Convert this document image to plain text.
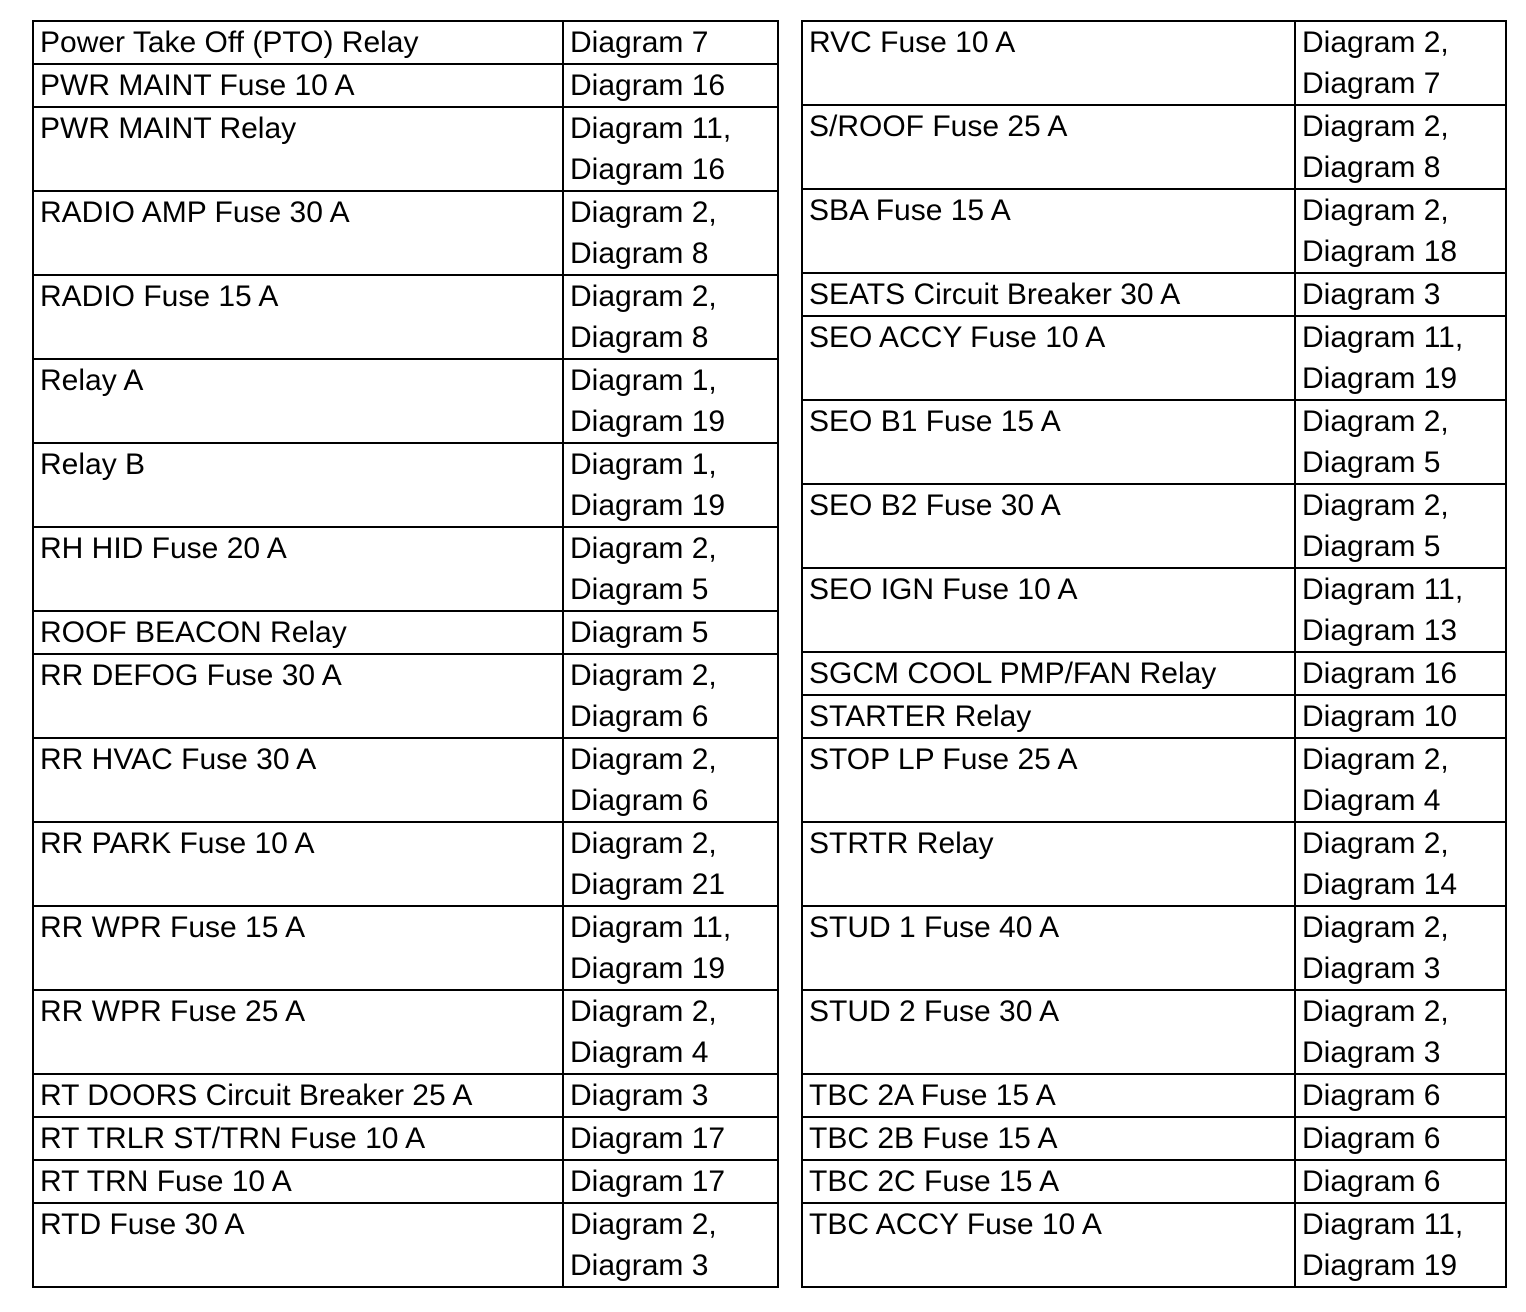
Power Take Off (PTO) Relay	Diagram 7

PWR MAINT Fuse 10 A	Diagram 16

PWR MAINT Relay	Diagram 11,
Diagram 16

RADIO AMP Fuse 30 A	Diagram 2,
Diagram 8

RADIO Fuse 15 A	Diagram 2,
Diagram 8

Relay A	Diagram 1,
Diagram 19

Relay B	Diagram 1,
Diagram 19

RH HID Fuse 20 A	Diagram 2,
Diagram 5

ROOF BEACON Relay	Diagram 5

RR DEFOG Fuse 30 A	Diagram 2,
Diagram 6

RR HVAC Fuse 30 A	Diagram 2,
Diagram 6

RR PARK Fuse 10 A	Diagram 2,
Diagram 21

RR WPR Fuse 15 A	Diagram 11,
Diagram 19

RR WPR Fuse 25 A	Diagram 2,
Diagram 4

RT DOORS Circuit Breaker 25 A	Diagram 3

RT TRLR ST/TRN Fuse 10 A	Diagram 17

RT TRN Fuse 10 A	Diagram 17

RTD Fuse 30 A	Diagram 2,
Diagram 3
RVC Fuse 10 A	Diagram 2,
Diagram 7

S/ROOF Fuse 25 A	Diagram 2,
Diagram 8

SBA Fuse 15 A	Diagram 2,
Diagram 18

SEATS Circuit Breaker 30 A	Diagram 3

SEO ACCY Fuse 10 A	Diagram 11,
Diagram 19

SEO B1 Fuse 15 A	Diagram 2,
Diagram 5

SEO B2 Fuse 30 A	Diagram 2,
Diagram 5

SEO IGN Fuse 10 A	Diagram 11,
Diagram 13

SGCM COOL PMP/FAN Relay	Diagram 16

STARTER Relay	Diagram 10

STOP LP Fuse 25 A	Diagram 2,
Diagram 4

STRTR Relay	Diagram 2,
Diagram 14

STUD 1 Fuse 40 A	Diagram 2,
Diagram 3

STUD 2 Fuse 30 A	Diagram 2,
Diagram 3

TBC 2A Fuse 15 A	Diagram 6

TBC 2B Fuse 15 A	Diagram 6

TBC 2C Fuse 15 A	Diagram 6

TBC ACCY Fuse 10 A	Diagram 11,
Diagram 19
